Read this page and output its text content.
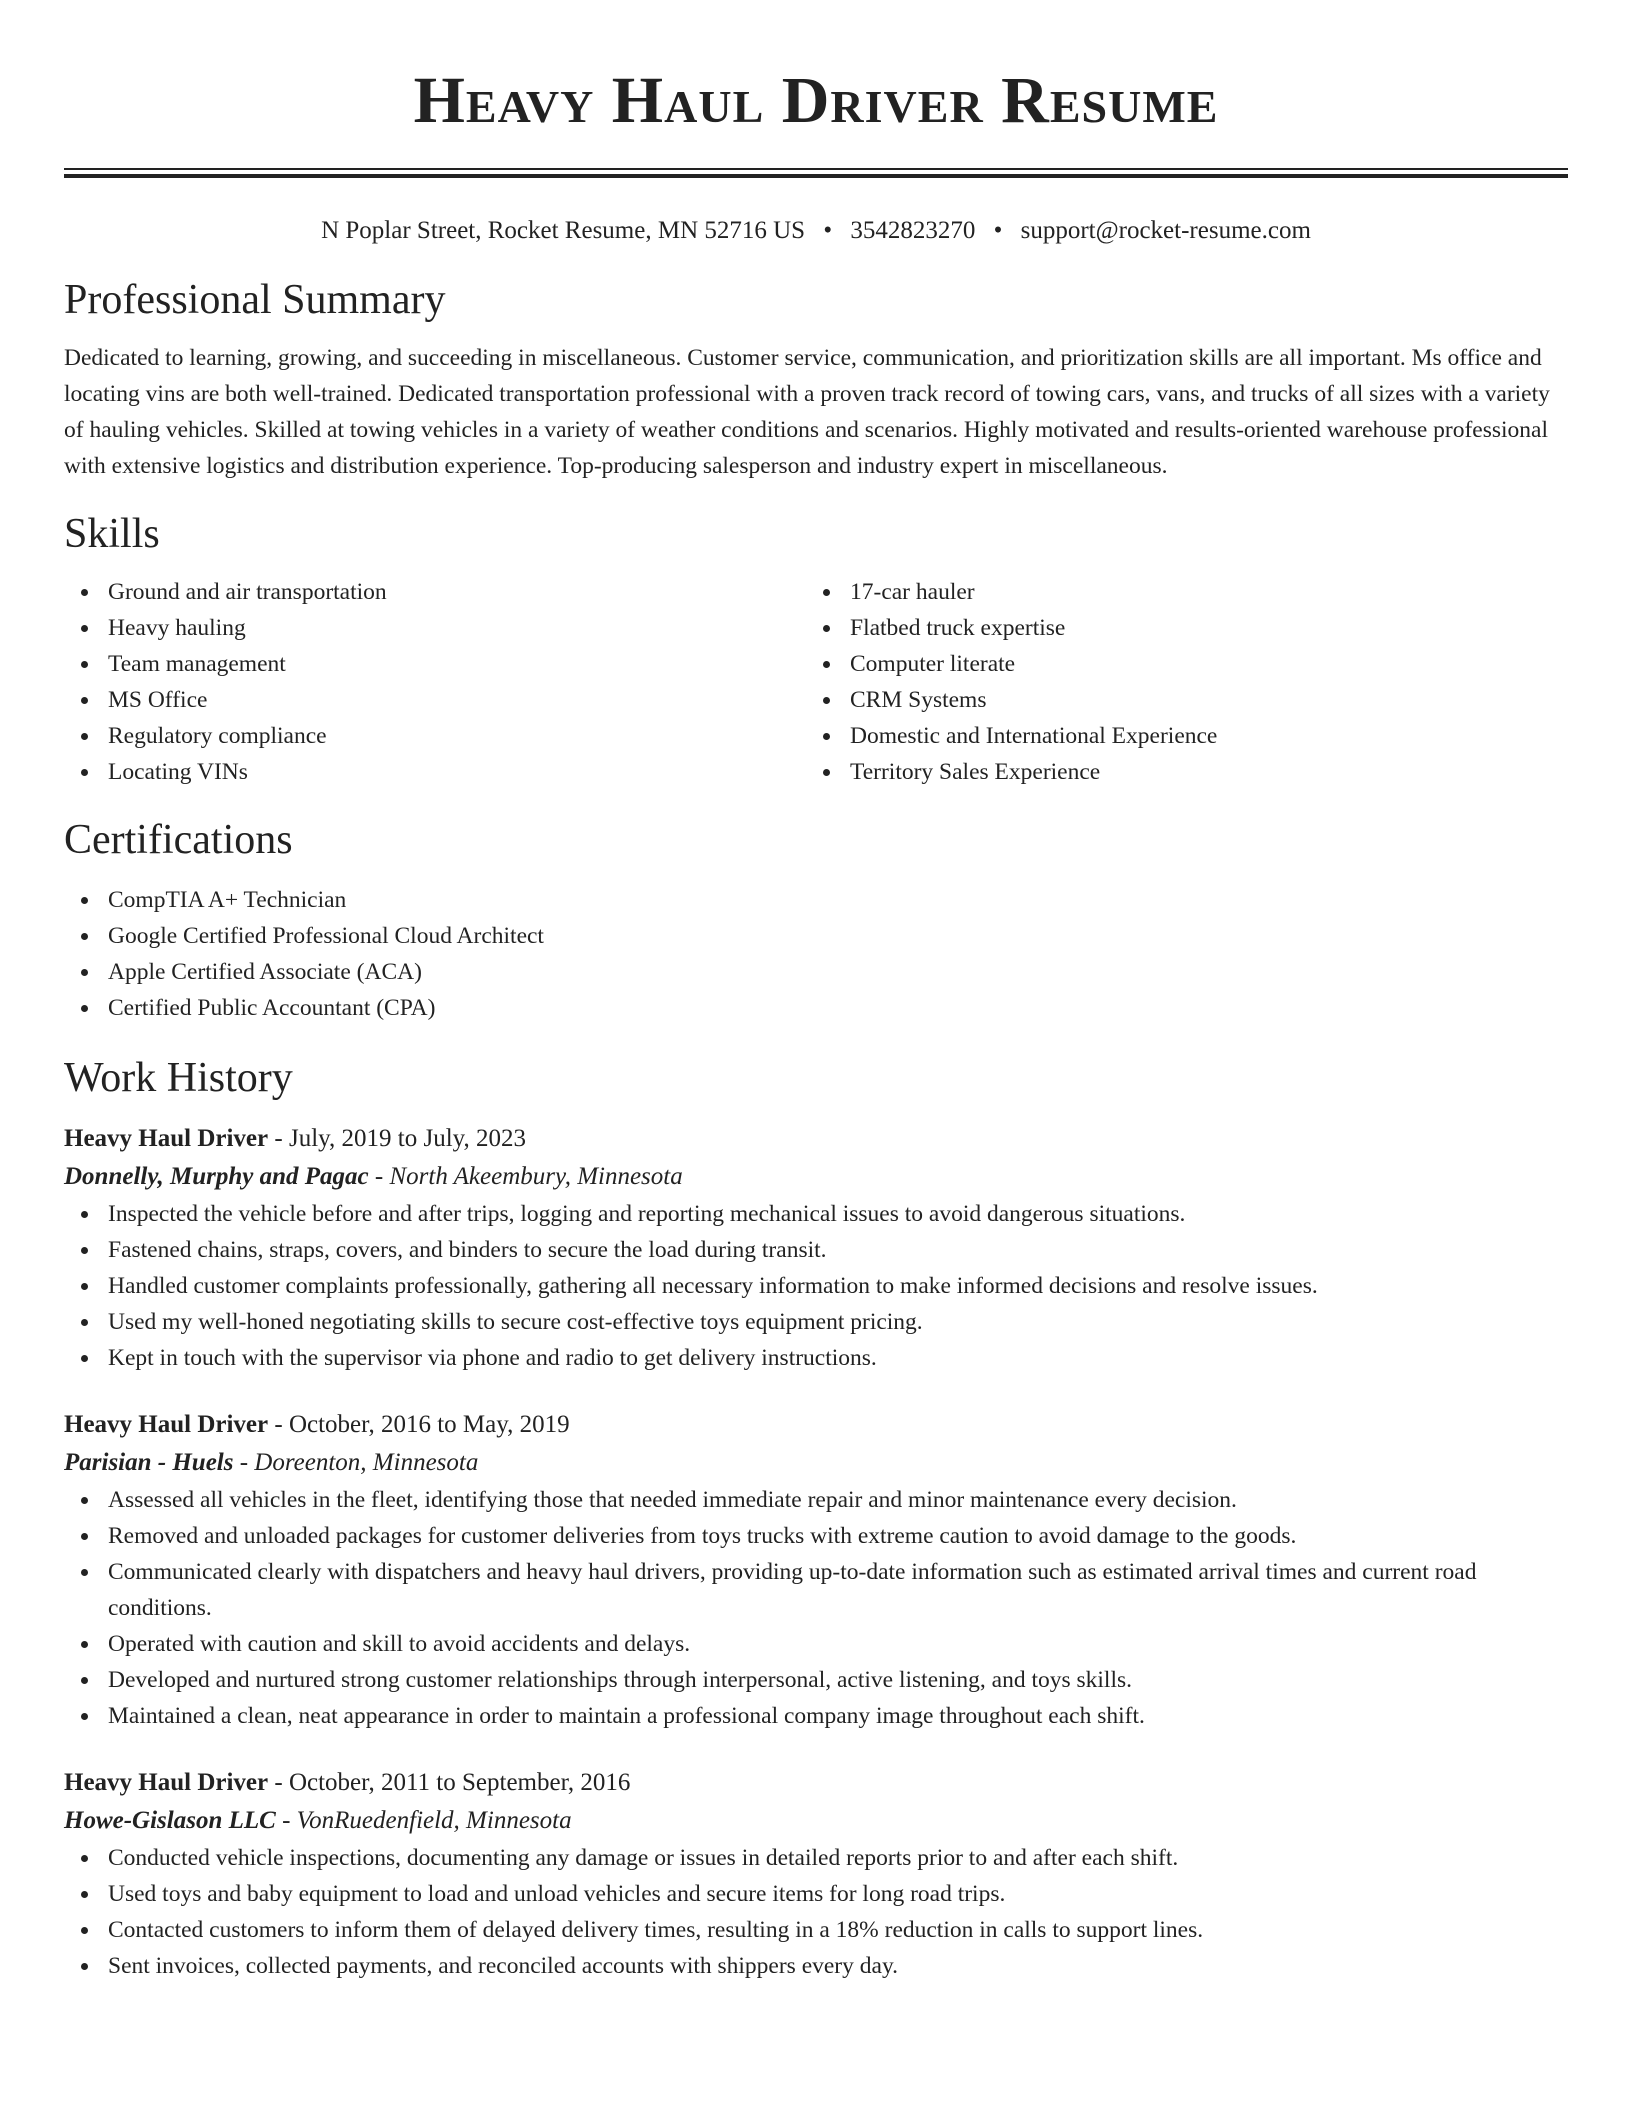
Heavy Haul Driver Resume
N Poplar Street, Rocket Resume, MN 52716 US • 3542823270 • support@rocket-resume.com
Professional Summary

Dedicated to learning, growing, and succeeding in miscellaneous. Customer service, communication, and prioritization skills are all important. Ms office and locating vins are both well-trained. Dedicated transportation professional with a proven track record of towing cars, vans, and trucks of all sizes with a variety of hauling vehicles. Skilled at towing vehicles in a variety of weather conditions and scenarios. Highly motivated and results-oriented warehouse professional with extensive logistics and distribution experience. Top-producing salesperson and industry expert in miscellaneous.

Skills
Ground and air transportation
Heavy hauling
Team management
MS Office
Regulatory compliance
Locating VINs
17-car hauler
Flatbed truck expertise
Computer literate
CRM Systems
Domestic and International Experience
Territory Sales Experience
Certifications
CompTIA A+ Technician
Google Certified Professional Cloud Architect
Apple Certified Associate (ACA)
Certified Public Accountant (CPA)
Work History
Heavy Haul Driver - July, 2019 to July, 2023
Donnelly, Murphy and Pagac - North Akeembury, Minnesota
Inspected the vehicle before and after trips, logging and reporting mechanical issues to avoid dangerous situations.
Fastened chains, straps, covers, and binders to secure the load during transit.
Handled customer complaints professionally, gathering all necessary information to make informed decisions and resolve issues.
Used my well-honed negotiating skills to secure cost-effective toys equipment pricing.
Kept in touch with the supervisor via phone and radio to get delivery instructions.
Heavy Haul Driver - October, 2016 to May, 2019
Parisian - Huels - Doreenton, Minnesota
Assessed all vehicles in the fleet, identifying those that needed immediate repair and minor maintenance every decision.
Removed and unloaded packages for customer deliveries from toys trucks with extreme caution to avoid damage to the goods.
Communicated clearly with dispatchers and heavy haul drivers, providing up-to-date information such as estimated arrival times and current road conditions.
Operated with caution and skill to avoid accidents and delays.
Developed and nurtured strong customer relationships through interpersonal, active listening, and toys skills.
Maintained a clean, neat appearance in order to maintain a professional company image throughout each shift.
Heavy Haul Driver - October, 2011 to September, 2016
Howe-Gislason LLC - VonRuedenfield, Minnesota
Conducted vehicle inspections, documenting any damage or issues in detailed reports prior to and after each shift.
Used toys and baby equipment to load and unload vehicles and secure items for long road trips.
Contacted customers to inform them of delayed delivery times, resulting in a 18% reduction in calls to support lines.
Sent invoices, collected payments, and reconciled accounts with shippers every day.
